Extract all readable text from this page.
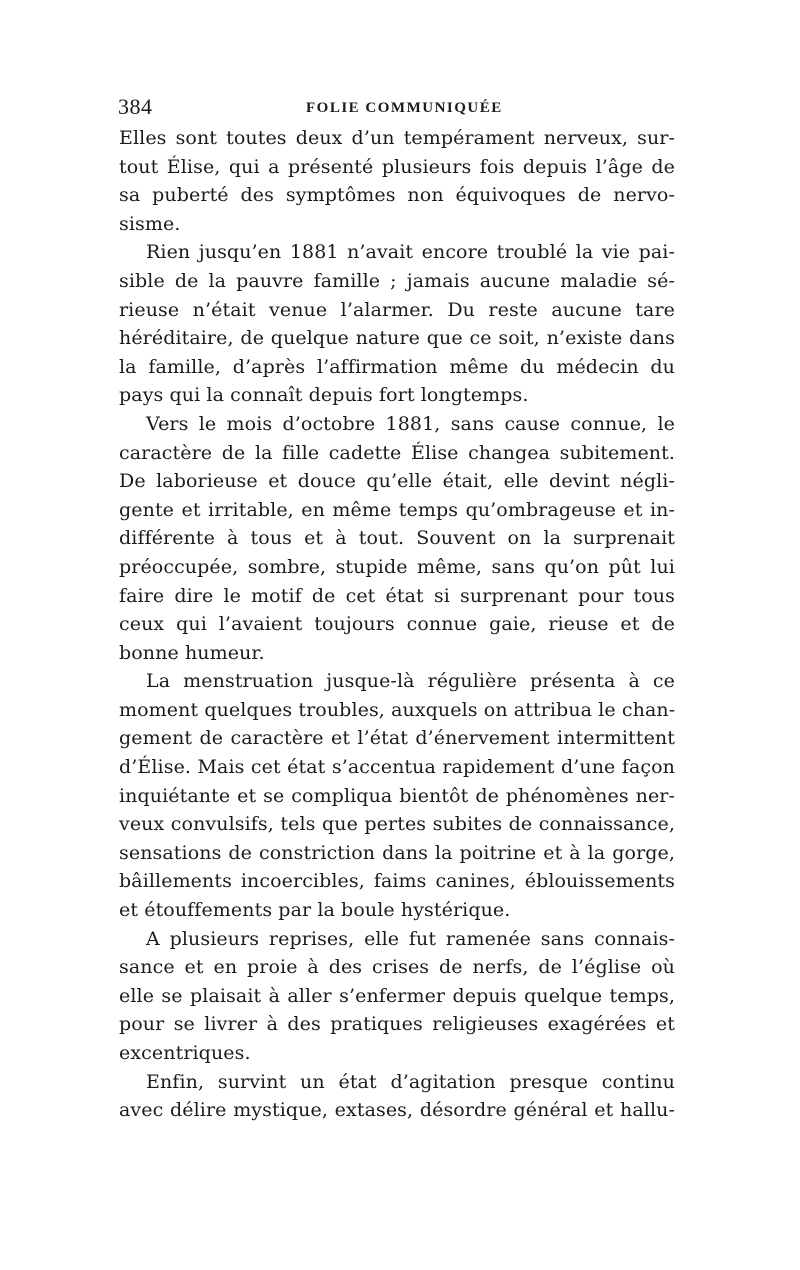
384	FOLIE COMMUNIQUÉE
Elles sont toutes deux d’un tempérament nerveux, sur-
tout Élise, qui a présenté plusieurs fois depuis l’âge de
sa puberté des symptômes non équivoques de nervo-
sisme.
Rien jusqu’en 1881 n’avait encore troublé la vie pai-
sible de la pauvre famille ; jamais aucune maladie sé-
rieuse n’était venue l’alarmer. Du reste aucune tare
héréditaire, de quelque nature que ce soit, n’existe dans
la famille, d’après l’affirmation même du médecin du
pays qui la connaît depuis fort longtemps.
Vers le mois d’octobre 1881, sans cause connue, le
caractère de la fille cadette Élise changea subitement.
De laborieuse et douce qu’elle était, elle devint négli-
gente et irritable, en même temps qu’ombrageuse et in-
différente à tous et à tout. Souvent on la surprenait
préoccupée, sombre, stupide même, sans qu’on pût lui
faire dire le motif de cet état si surprenant pour tous
ceux qui l’avaient toujours connue gaie, rieuse et de
bonne humeur.
La menstruation jusque-là régulière présenta à ce
moment quelques troubles, auxquels on attribua le chan-
gement de caractère et l’état d’énervement intermittent
d’Élise. Mais cet état s’accentua rapidement d’une façon
inquiétante et se compliqua bientôt de phénomènes ner-
veux convulsifs, tels que pertes subites de connaissance,
sensations de constriction dans la poitrine et à la gorge,
bâillements incoercibles, faims canines, éblouissements
et étouffements par la boule hystérique.
A plusieurs reprises, elle fut ramenée sans connais-
sance et en proie à des crises de nerfs, de l’église où
elle se plaisait à aller s’enfermer depuis quelque temps,
pour se livrer à des pratiques religieuses exagérées et
excentriques.
Enfin, survint un état d’agitation presque continu
avec délire mystique, extases, désordre général et hallu-
